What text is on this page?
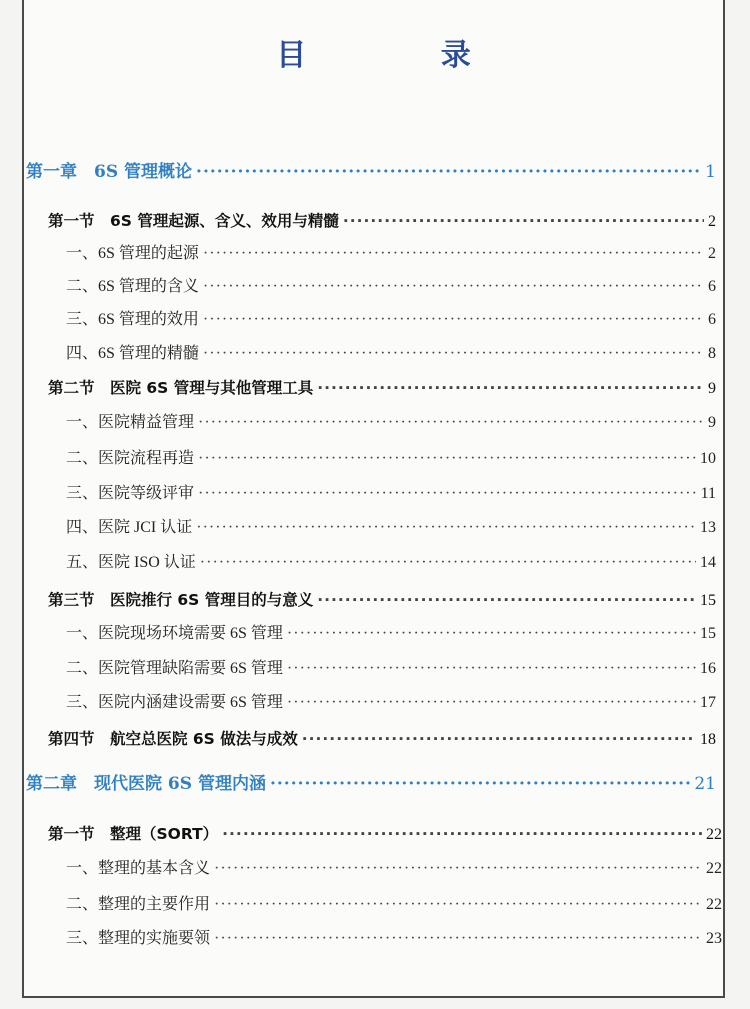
目 录
第一章　6S 管理概论 ·····	1
第一节　6S 管理起源、含义、效用与精髓 ·····	2
一、6S 管理的起源 ·····	2
二、6S 管理的含义 ·····	6
三、6S 管理的效用 ·····	6
四、6S 管理的精髓 ·····	8
第二节　医院 6S 管理与其他管理工具 ·····	9
一、医院精益管理 ·····	9
二、医院流程再造 ·····	10
三、医院等级评审 ·····	11
四、医院 JCI 认证 ·····	13
五、医院 ISO 认证 ·····	14
第三节　医院推行 6S 管理目的与意义 ·····	15
一、医院现场环境需要 6S 管理 ·····	15
二、医院管理缺陷需要 6S 管理 ·····	16
三、医院内涵建设需要 6S 管理 ·····	17
第四节　航空总医院 6S 做法与成效 ·····	18
第二章　现代医院 6S 管理内涵 ·····	21
第一节　整理（SORT） ·····	22
一、整理的基本含义 ·····	22
二、整理的主要作用 ·····	22
三、整理的实施要领 ·····	23
